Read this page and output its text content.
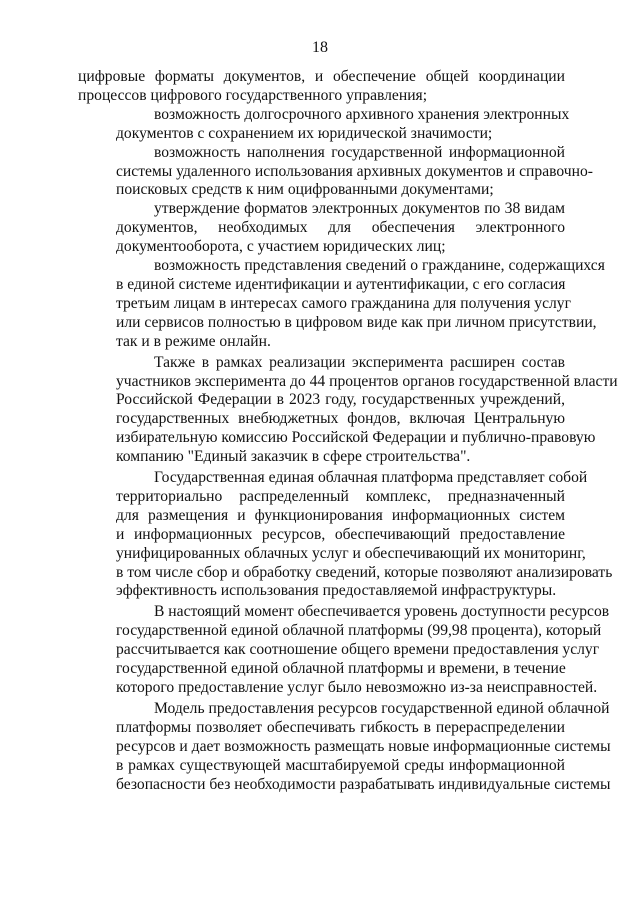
18
цифровые форматы документов, и обеспечение общей координации
процессов цифрового государственного управления;
возможность долгосрочного архивного хранения электронных
документов с сохранением их юридической значимости;
возможность наполнения государственной информационной
системы удаленного использования архивных документов и справочно-
поисковых средств к ним оцифрованными документами;
утверждение форматов электронных документов по 38 видам
документов, необходимых для обеспечения электронного
документооборота, с участием юридических лиц;
возможность представления сведений о гражданине, содержащихся
в единой системе идентификации и аутентификации, с его согласия
третьим лицам в интересах самого гражданина для получения услуг
или сервисов полностью в цифровом виде как при личном присутствии,
так и в режиме онлайн.
Также в рамках реализации эксперимента расширен состав
участников эксперимента до 44 процентов органов государственной власти
Российской Федерации в 2023 году, государственных учреждений,
государственных внебюджетных фондов, включая Центральную
избирательную комиссию Российской Федерации и публично-правовую
компанию "Единый заказчик в сфере строительства".
Государственная единая облачная платформа представляет собой
территориально распределенный комплекс, предназначенный
для размещения и функционирования информационных систем
и информационных ресурсов, обеспечивающий предоставление
унифицированных облачных услуг и обеспечивающий их мониторинг,
в том числе сбор и обработку сведений, которые позволяют анализировать
эффективность использования предоставляемой инфраструктуры.
В настоящий момент обеспечивается уровень доступности ресурсов
государственной единой облачной платформы (99,98 процента), который
рассчитывается как соотношение общего времени предоставления услуг
государственной единой облачной платформы и времени, в течение
которого предоставление услуг было невозможно из-за неисправностей.
Модель предоставления ресурсов государственной единой облачной
платформы позволяет обеспечивать гибкость в перераспределении
ресурсов и дает возможность размещать новые информационные системы
в рамках существующей масштабируемой среды информационной
безопасности без необходимости разрабатывать индивидуальные системы
